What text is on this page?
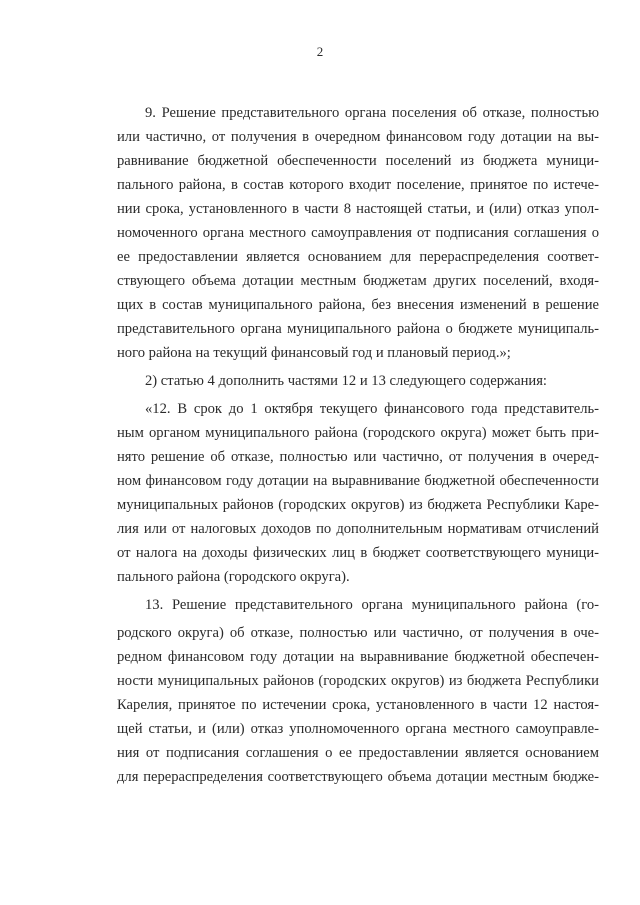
2
9. Решение представительного органа поселения об отказе, полностью
или частично, от получения в очередном финансовом году дотации на вы-
равнивание бюджетной обеспеченности поселений из бюджета муници-
пального района, в состав которого входит поселение, принятое по истече-
нии срока, установленного в части 8 настоящей статьи, и (или) отказ упол-
номоченного органа местного самоуправления от подписания соглашения о
ее предоставлении является основанием для перераспределения соответ-
ствующего объема дотации местным бюджетам других поселений, входя-
щих в состав муниципального района, без внесения изменений в решение
представительного органа муниципального района о бюджете муниципаль-
ного района на текущий финансовый год и плановый период.»;
2) статью 4 дополнить частями 12 и 13 следующего содержания:
«12. В срок до 1 октября текущего финансового года представитель-
ным органом муниципального района (городского округа) может быть при-
нято решение об отказе, полностью или частично, от получения в очеред-
ном финансовом году дотации на выравнивание бюджетной обеспеченности
муниципальных районов (городских округов) из бюджета Республики Каре-
лия или от налоговых доходов по дополнительным нормативам отчислений
от налога на доходы физических лиц в бюджет соответствующего муници-
пального района (городского округа).
13. Решение представительного органа муниципального района (го-
родского округа) об отказе, полностью или частично, от получения в оче-
редном финансовом году дотации на выравнивание бюджетной обеспечен-
ности муниципальных районов (городских округов) из бюджета Республики
Карелия, принятое по истечении срока, установленного в части 12 настоя-
щей статьи, и (или) отказ уполномоченного органа местного самоуправле-
ния от подписания соглашения о ее предоставлении является основанием
для перераспределения соответствующего объема дотации местным бюдже-
